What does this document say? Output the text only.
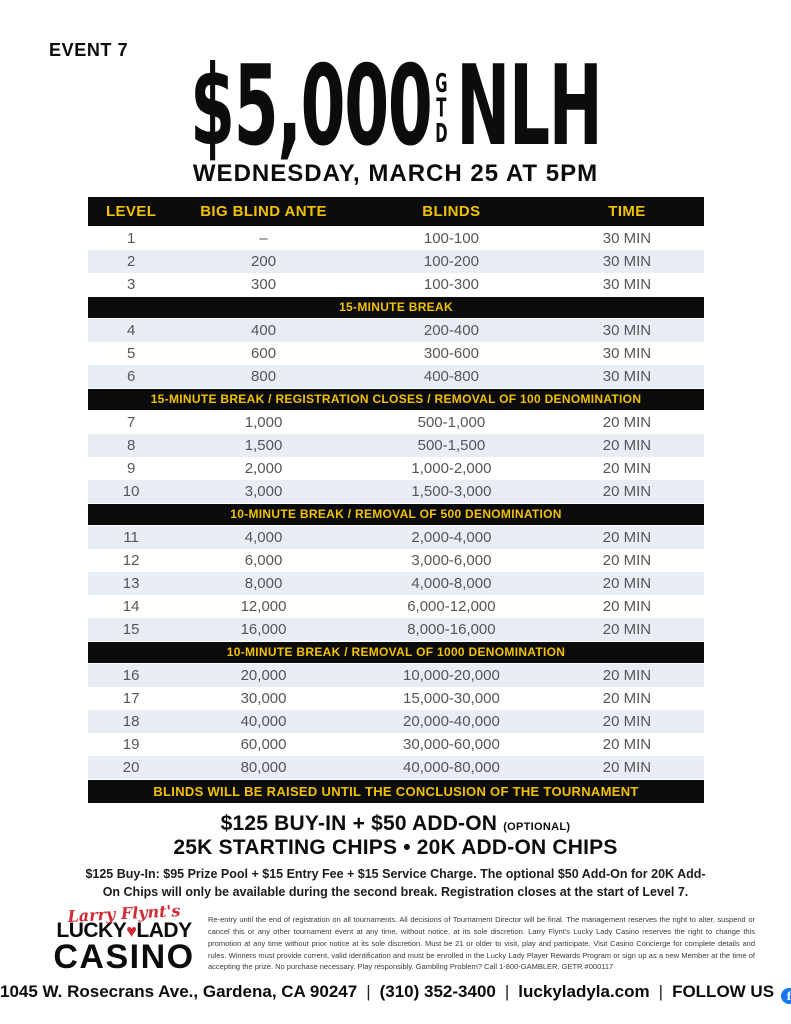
EVENT 7 $5,000 G
T
D NLH
WEDNESDAY, MARCH 25 AT 5PM
LEVEL	BIG BLIND ANTE	BLINDS	TIME
1	–	100-100	30 MIN
2	200	100-200	30 MIN
3	300	100-300	30 MIN
15-MINUTE BREAK
4	400	200-400	30 MIN
5	600	300-600	30 MIN
6	800	400-800	30 MIN
15-MINUTE BREAK / REGISTRATION CLOSES / REMOVAL OF 100 DENOMINATION
7	1,000	500-1,000	20 MIN
8	1,500	500-1,500	20 MIN
9	2,000	1,000-2,000	20 MIN
10	3,000	1,500-3,000	20 MIN
10-MINUTE BREAK / REMOVAL OF 500 DENOMINATION
11	4,000	2,000-4,000	20 MIN
12	6,000	3,000-6,000	20 MIN
13	8,000	4,000-8,000	20 MIN
14	12,000	6,000-12,000	20 MIN
15	16,000	8,000-16,000	20 MIN
10-MINUTE BREAK / REMOVAL OF 1000 DENOMINATION
16	20,000	10,000-20,000	20 MIN
17	30,000	15,000-30,000	20 MIN
18	40,000	20,000-40,000	20 MIN
19	60,000	30,000-60,000	20 MIN
20	80,000	40,000-80,000	20 MIN
BLINDS WILL BE RAISED UNTIL THE CONCLUSION OF THE TOURNAMENT
$125 BUY-IN + $50 ADD-ON (OPTIONAL)
25K STARTING CHIPS • 20K ADD-ON CHIPS
$125 Buy-In: $95 Prize Pool + $15 Entry Fee + $15 Service Charge. The optional $50 Add-On for 20K Add-On Chips will only be available during the second break. Registration closes at the start of Level 7.
Larry Flynt's
LUCKY♥LADY
CASINO
Re-entry until the end of registration on all tournaments. All decisions of Tournament Director will be final. The management reserves the right to alter, suspend or cancel this or any other tournament event at any time, without notice, at its sole discretion. Larry Flynt's Lucky Lady Casino reserves the right to change this promotion at any time without prior notice at its sole discretion. Must be 21 or older to visit, play and participate. Visit Casino Concierge for complete details and rules. Winners must provide current, valid identification and must be enrolled in the Lucky Lady Player Rewards Program or sign up as a new Member at the time of accepting the prize. No purchase necessary. Play responsibly. Gambling Problem? Call 1-800-GAMBLER. GETR #000117
1045 W. Rosecrans Ave., Gardena, CA 90247 | (310) 352-3400 | luckyladyla.com | FOLLOW US
f
